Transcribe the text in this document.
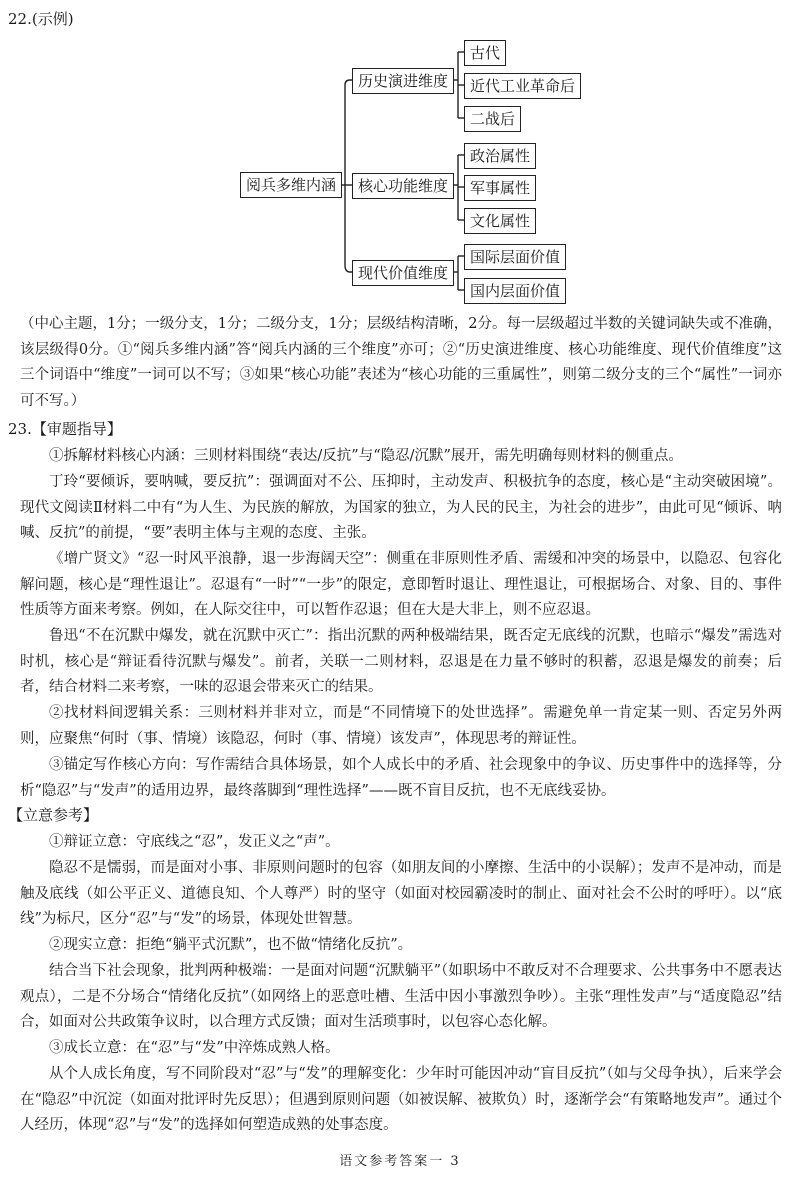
22.(示例)
阅兵多维内涵
历史演进维度
核心功能维度
现代价值维度
古代
近代工业革命后
二战后
政治属性
军事属性
文化属性
国际层面价值
国内层面价值
（中心主题，1分；一级分支，1分；二级分支，1分；层级结构清晰，2分。每一层级超过半数的关键词缺失或不准确，该层级得0分。①“阅兵多维内涵”答“阅兵内涵的三个维度”亦可；②“历史演进维度、核心功能维度、现代价值维度”这三个词语中“维度”一词可以不写；③如果“核心功能”表述为“核心功能的三重属性”，则第二级分支的三个“属性”一词亦可不写。）
23.【审题指导】
①拆解材料核心内涵：三则材料围绕“表达/反抗”与“隐忍/沉默”展开，需先明确每则材料的侧重点。
丁玲“要倾诉，要呐喊，要反抗”：强调面对不公、压抑时，主动发声、积极抗争的态度，核心是“主动突破困境”。现代文阅读Ⅱ材料二中有“为人生、为民族的解放，为国家的独立，为人民的民主，为社会的进步”，由此可见“倾诉、呐喊、反抗”的前提，“要”表明主体与主观的态度、主张。
《增广贤文》“忍一时风平浪静，退一步海阔天空”：侧重在非原则性矛盾、需缓和冲突的场景中，以隐忍、包容化解问题，核心是“理性退让”。忍退有“一时”“一步”的限定，意即暂时退让、理性退让，可根据场合、对象、目的、事件性质等方面来考察。例如，在人际交往中，可以暂作忍退；但在大是大非上，则不应忍退。
鲁迅“不在沉默中爆发，就在沉默中灭亡”：指出沉默的两种极端结果，既否定无底线的沉默，也暗示“爆发”需选对时机，核心是“辩证看待沉默与爆发”。前者，关联一二则材料，忍退是在力量不够时的积蓄，忍退是爆发的前奏；后者，结合材料二来考察，一味的忍退会带来灭亡的结果。
②找材料间逻辑关系：三则材料并非对立，而是“不同情境下的处世选择”。需避免单一肯定某一则、否定另外两则，应聚焦“何时（事、情境）该隐忍，何时（事、情境）该发声”，体现思考的辩证性。
③锚定写作核心方向：写作需结合具体场景，如个人成长中的矛盾、社会现象中的争议、历史事件中的选择等，分析“隐忍”与“发声”的适用边界，最终落脚到“理性选择”——既不盲目反抗，也不无底线妥协。
【立意参考】
①辩证立意：守底线之“忍”，发正义之“声”。
隐忍不是懦弱，而是面对小事、非原则问题时的包容（如朋友间的小摩擦、生活中的小误解）；发声不是冲动，而是触及底线（如公平正义、道德良知、个人尊严）时的坚守（如面对校园霸凌时的制止、面对社会不公时的呼吁）。以“底线”为标尺，区分“忍”与“发”的场景，体现处世智慧。
②现实立意：拒绝“躺平式沉默”，也不做“情绪化反抗”。
结合当下社会现象，批判两种极端：一是面对问题“沉默躺平”（如职场中不敢反对不合理要求、公共事务中不愿表达观点），二是不分场合“情绪化反抗”（如网络上的恶意吐槽、生活中因小事激烈争吵）。主张“理性发声”与“适度隐忍”结合，如面对公共政策争议时，以合理方式反馈；面对生活琐事时，以包容心态化解。
③成长立意：在“忍”与“发”中淬炼成熟人格。
从个人成长角度，写不同阶段对“忍”与“发”的理解变化：少年时可能因冲动“盲目反抗”（如与父母争执），后来学会在“隐忍”中沉淀（如面对批评时先反思）；但遇到原则问题（如被误解、被欺负）时，逐渐学会“有策略地发声”。通过个人经历，体现“忍”与“发”的选择如何塑造成熟的处事态度。
语文参考答案一 3
